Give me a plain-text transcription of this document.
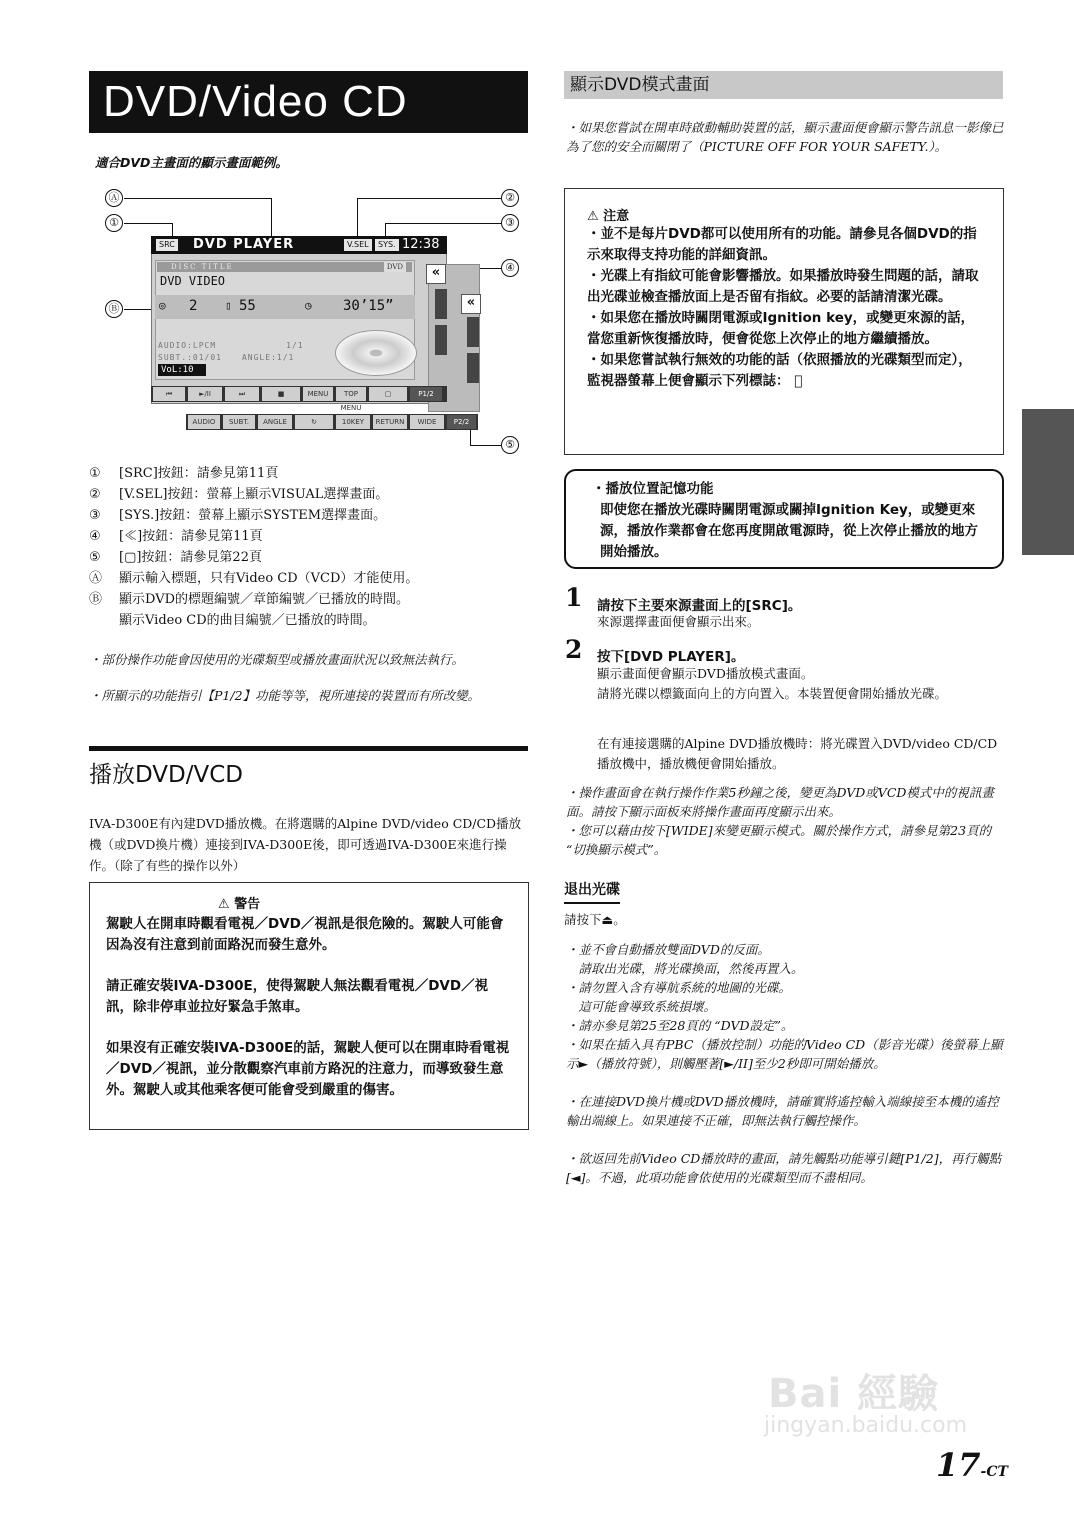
DVD/Video CD
適合DVD主畫面的顯示畫面範例。
Ⓐ
①
Ⓑ
②
③
④
⑤
SRC DVD PLAYER	V.SEL	SYS. 12:38
DISC TITLE	DVD
DVD VIDEO
◎ 2	▯ 55	◷ 30’15”
AUDIO:LPCM	1/1
SUBT.:01/01	ANGLE:1/1
VoL:10
«
«
⏮	►/II	⏭	■	MENU	TOP MENU
▢	P1/2
AUDIO	SUBT.	ANGLE	↻	10KEY	RETURN	WIDE	P2/2
① [SRC]按鈕：請參見第11頁
② [V.SEL]按鈕：螢幕上顯示VISUAL選擇畫面。
③ [SYS.]按鈕：螢幕上顯示SYSTEM選擇畫面。
④ [≪]按鈕：請參見第11頁
⑤ [▢]按鈕：請參見第22頁
Ⓐ 顯示輸入標題，只有Video CD（VCD）才能使用。
Ⓑ 顯示DVD的標題編號／章節編號／已播放的時間。
顯示Video CD的曲目編號／已播放的時間。
・部份操作功能會因使用的光碟類型或播放畫面狀況以致無法執行。
・所顯示的功能指引【P1/2】功能等等，視所連接的裝置而有所改變。
播放DVD/VCD
IVA-D300E有內建DVD播放機。在將選購的Alpine DVD/video CD/CD播放機（或DVD換片機）連接到IVA-D300E後，即可透過IVA-D300E來進行操作。（除了有些的操作以外）
⚠ 警告
駕駛人在開車時觀看電視／DVD／視訊是很危險的。駕駛人可能會因為沒有注意到前面路況而發生意外。
請正確安裝IVA-D300E，使得駕駛人無法觀看電視／DVD／視訊，除非停車並拉好緊急手煞車。
如果沒有正確安裝IVA-D300E的話，駕駛人便可以在開車時看電視／DVD／視訊，並分散觀察汽車前方路況的注意力，而導致發生意外。駕駛人或其他乘客便可能會受到嚴重的傷害。
顯示DVD模式畫面
・如果您嘗試在開車時啟動輔助裝置的話，顯示畫面便會顯示警告訊息一影像已為了您的安全而關閉了（PICTURE OFF FOR YOUR SAFETY.）。
⚠ 注意
・並不是每片DVD都可以使用所有的功能。請參見各個DVD的指示來取得支持功能的詳細資訊。
・光碟上有指紋可能會影響播放。如果播放時發生問題的話，請取出光碟並檢查播放面上是否留有指紋。必要的話請清潔光碟。
・如果您在播放時關閉電源或Ignition key，或變更來源的話，當您重新恢復播放時，便會從您上次停止的地方繼續播放。
・如果您嘗試執行無效的功能的話（依照播放的光碟類型而定），監視器螢幕上便會顯示下列標誌： ⃠
・播放位置記憶功能
即使您在播放光碟時關閉電源或關掉Ignition Key，或變更來源，播放作業都會在您再度開啟電源時，從上次停止播放的地方開始播放。
1 請按下主要來源畫面上的[SRC]。
來源選擇畫面便會顯示出來。
2 按下[DVD PLAYER]。
顯示畫面便會顯示DVD播放模式畫面。
請將光碟以標籤面向上的方向置入。本裝置便會開始播放光碟。
在有連接選購的Alpine DVD播放機時：將光碟置入DVD/video CD/CD播放機中，播放機便會開始播放。
・操作畫面會在執行操作作業5秒鐘之後，變更為DVD或VCD模式中的視訊畫面。請按下顯示面板來將操作畫面再度顯示出來。
・您可以藉由按下[WIDE]來變更顯示模式。關於操作方式，請參見第23頁的 “切換顯示模式”。
退出光碟
請按下⏏。
・並不會自動播放雙面DVD的反面。
　請取出光碟，將光碟換面，然後再置入。
・請勿置入含有導航系統的地圖的光碟。
　這可能會導致系統損壞。
・請亦參見第25至28頁的 “DVD設定”。
・如果在插入具有PBC（播放控制）功能的Video CD（影音光碟）後螢幕上顯示►（播放符號），則觸壓著[►/II]至少2秒即可開始播放。
・在連接DVD換片機或DVD播放機時，請確實將遙控輸入端線接至本機的遙控輸出端線上。如果連接不正確，即無法執行觸控操作。
・欲返回先前Video CD播放時的畫面，請先觸點功能導引鍵[P1/2]，再行觸點[◄]。不過，此項功能會依使用的光碟類型而不盡相同。
Bai 經驗
jingyan.baidu.com
17-CT
